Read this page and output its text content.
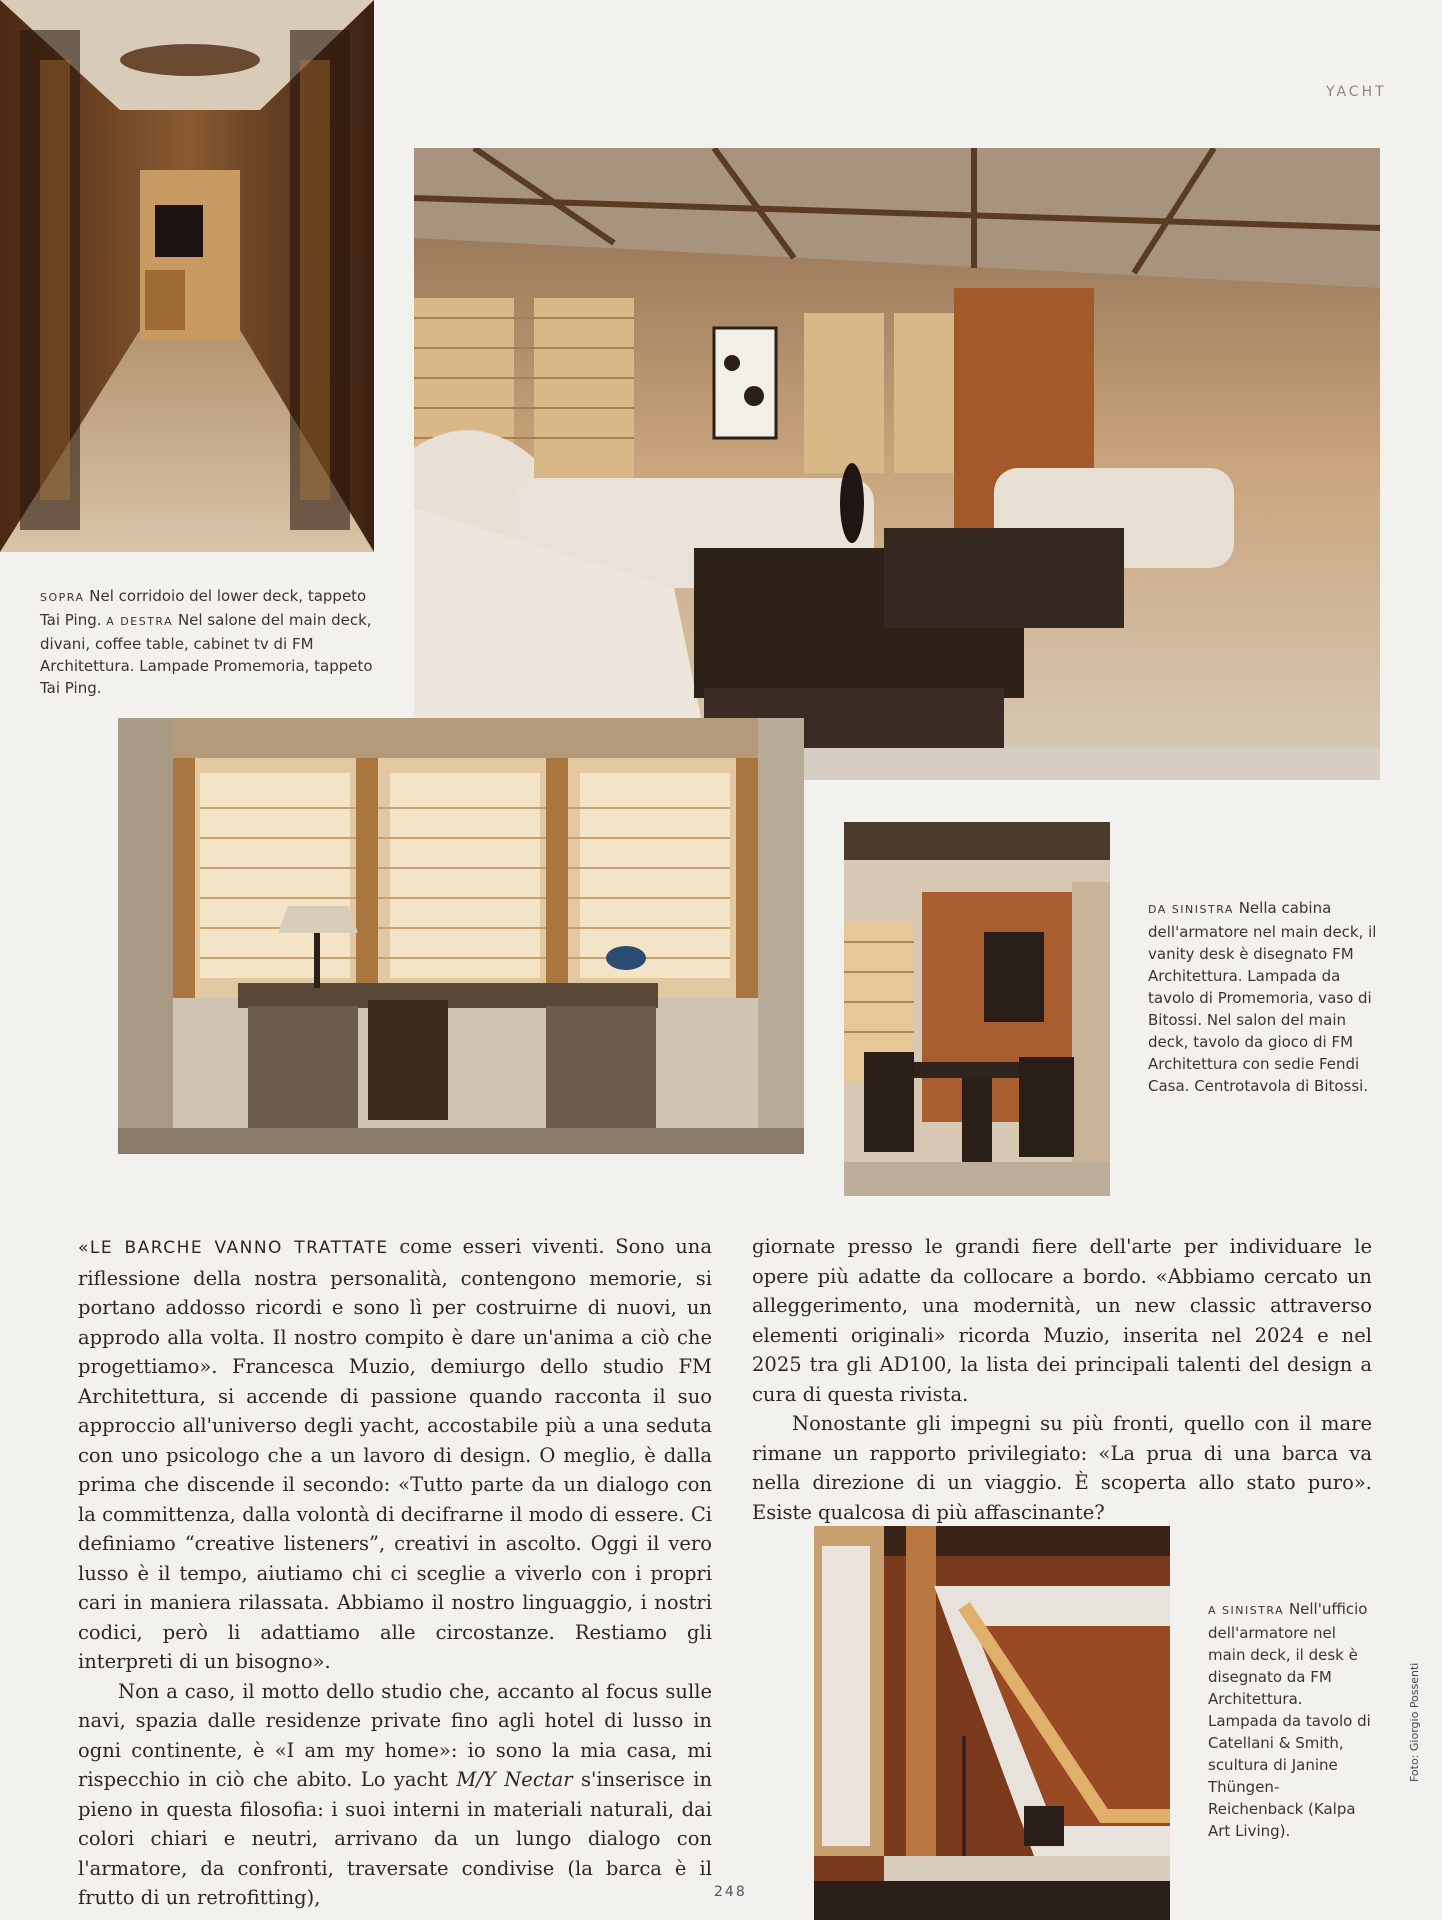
YACHT
SOPRA Nel corridoio del lower deck, tappeto Tai Ping. A DESTRA Nel salone del main deck, divani, coffee table, cabinet tv di FM Architettura. Lampade Promemoria, tappeto Tai Ping.
DA SINISTRA Nella cabina dell'armatore nel main deck, il vanity desk è disegnato FM Architettura. Lampada da tavolo di Promemoria, vaso di Bitossi. Nel salon del main deck, tavolo da gioco di FM Architettura con sedie Fendi Casa. Centrotavola di Bitossi.

«LE BARCHE VANNO TRATTATE come esseri viventi. Sono una riflessione della nostra personalità, contengono memorie, si portano addosso ricordi e sono lì per costruirne di nuovi, un approdo alla volta. Il nostro compito è dare un'anima a ciò che progettiamo». Francesca Muzio, demiurgo dello studio FM Architettura, si accende di passione quando racconta il suo approccio all'universo degli yacht, accostabile più a una seduta con uno psicologo che a un lavoro di design. O meglio, è dalla prima che discende il secondo: «Tutto parte da un dialogo con la committenza, dalla volontà di decifrarne il modo di essere. Ci definiamo “creative listeners”, creativi in ascolto. Oggi il vero lusso è il tempo, aiutiamo chi ci sceglie a viverlo con i propri cari in maniera rilassata. Abbiamo il nostro linguaggio, i nostri codici, però li adattiamo alle circostanze. Restiamo gli interpreti di un bisogno».

Non a caso, il motto dello studio che, accanto al focus sulle navi, spazia dalle residenze private fino agli hotel di lusso in ogni continente, è «I am my home»: io sono la mia casa, mi rispecchio in ciò che abito. Lo yacht M/Y Nectar s'inserisce in pieno in questa filosofia: i suoi interni in materiali naturali, dai colori chiari e neutri, arrivano da un lungo dialogo con l'armatore, da confronti, traversate condivise (la barca è il frutto di un retrofitting),

giornate presso le grandi fiere dell'arte per individuare le opere più adatte da collocare a bordo. «Abbiamo cercato un alleggerimento, una modernità, un new classic attraverso elementi originali» ricorda Muzio, inserita nel 2024 e nel 2025 tra gli AD100, la lista dei principali talenti del design a cura di questa rivista.

Nonostante gli impegni su più fronti, quello con il mare rimane un rapporto privilegiato: «La prua di una barca va nella direzione di un viaggio. È scoperta allo stato puro». Esiste qualcosa di più affascinante?

A SINISTRA Nell'ufficio dell'armatore nel main deck, il desk è disegnato da FM Architettura. Lampada da tavolo di Catellani & Smith, scultura di Janine Thüngen-Reichenback (Kalpa Art Living).
Foto: Giorgio Possenti
248
